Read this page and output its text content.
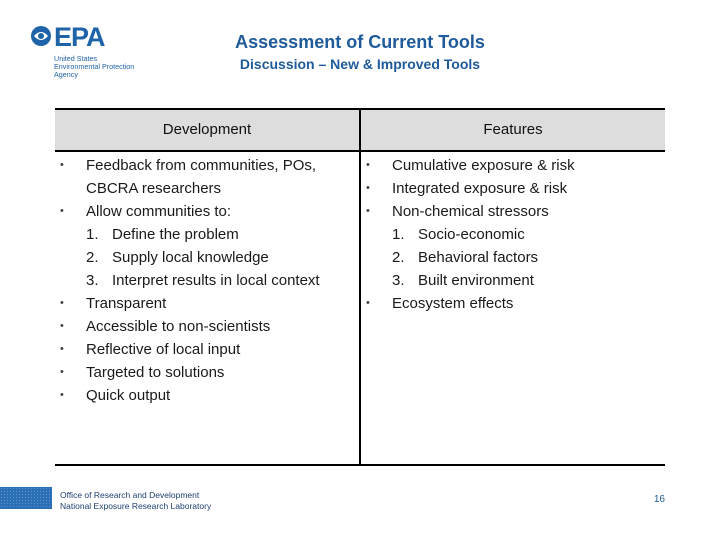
EPA
United States
Environmental Protection
Agency
Assessment of Current Tools
Discussion – New & Improved Tools
Development	Features
• Feedback from communities, POs, CBCRA researchers
• Allow communities to:
1. Define the problem
2. Supply local knowledge
3. Interpret results in local context
• Transparent
• Accessible to non-scientists
• Reflective of local input
• Targeted to solutions
• Quick output
• Cumulative exposure & risk
• Integrated exposure & risk
• Non-chemical stressors
1. Socio-economic
2. Behavioral factors
3. Built environment
• Ecosystem effects
Office of Research and Development
National Exposure Research Laboratory
16
